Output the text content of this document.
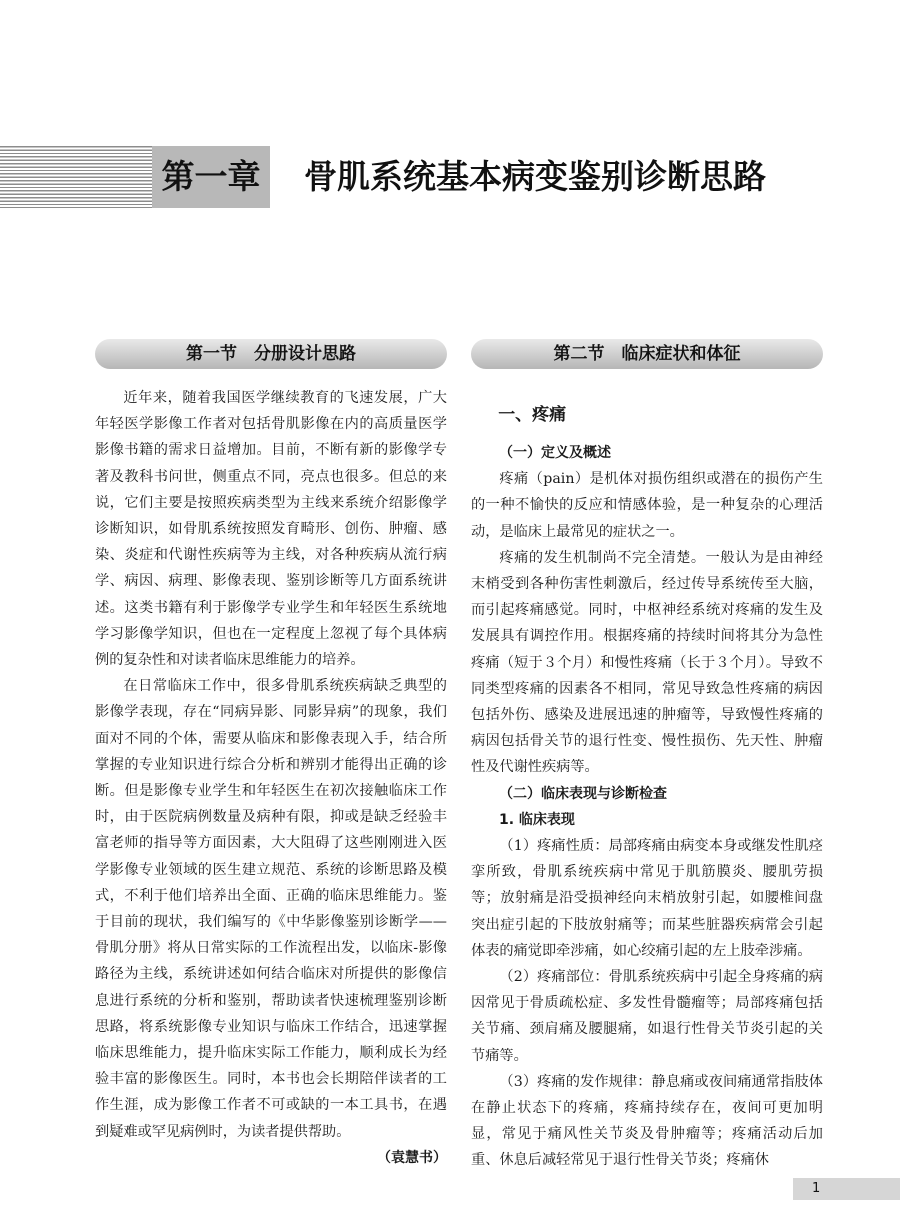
第一章 骨肌系统基本病变鉴别诊断思路
第一节　分册设计思路	第二节　临床症状和体征

近年来，随着我国医学继续教育的飞速发展，广大年轻医学影像工作者对包括骨肌影像在内的高质量医学影像书籍的需求日益增加。目前，不断有新的影像学专著及教科书问世，侧重点不同，亮点也很多。但总的来说，它们主要是按照疾病类型为主线来系统介绍影像学诊断知识，如骨肌系统按照发育畸形、创伤、肿瘤、感染、炎症和代谢性疾病等为主线，对各种疾病从流行病学、病因、病理、影像表现、鉴别诊断等几方面系统讲述。这类书籍有利于影像学专业学生和年轻医生系统地学习影像学知识，但也在一定程度上忽视了每个具体病例的复杂性和对读者临床思维能力的培养。

在日常临床工作中，很多骨肌系统疾病缺乏典型的影像学表现，存在“同病异影、同影异病”的现象，我们面对不同的个体，需要从临床和影像表现入手，结合所掌握的专业知识进行综合分析和辨别才能得出正确的诊断。但是影像专业学生和年轻医生在初次接触临床工作时，由于医院病例数量及病种有限，抑或是缺乏经验丰富老师的指导等方面因素，大大阻碍了这些刚刚进入医学影像专业领域的医生建立规范、系统的诊断思路及模式，不利于他们培养出全面、正确的临床思维能力。鉴于目前的现状，我们编写的《中华影像鉴别诊断学——骨肌分册》将从日常实际的工作流程出发，以临床-影像路径为主线，系统讲述如何结合临床对所提供的影像信息进行系统的分析和鉴别，帮助读者快速梳理鉴别诊断思路，将系统影像专业知识与临床工作结合，迅速掌握临床思维能力，提升临床实际工作能力，顺利成长为经验丰富的影像医生。同时，本书也会长期陪伴读者的工作生涯，成为影像工作者不可或缺的一本工具书，在遇到疑难或罕见病例时，为读者提供帮助。

（袁慧书）

一、疼痛
（一）定义及概述

疼痛（pain）是机体对损伤组织或潜在的损伤产生的一种不愉快的反应和情感体验，是一种复杂的心理活动，是临床上最常见的症状之一。

疼痛的发生机制尚不完全清楚。一般认为是由神经末梢受到各种伤害性刺激后，经过传导系统传至大脑，而引起疼痛感觉。同时，中枢神经系统对疼痛的发生及发展具有调控作用。根据疼痛的持续时间将其分为急性疼痛（短于３个月）和慢性疼痛（长于３个月）。导致不同类型疼痛的因素各不相同，常见导致急性疼痛的病因包括外伤、感染及进展迅速的肿瘤等，导致慢性疼痛的病因包括骨关节的退行性变、慢性损伤、先天性、肿瘤性及代谢性疾病等。

（二）临床表现与诊断检查
1. 临床表现

（1）疼痛性质：局部疼痛由病变本身或继发性肌痉挛所致，骨肌系统疾病中常见于肌筋膜炎、腰肌劳损等；放射痛是沿受损神经向末梢放射引起，如腰椎间盘突出症引起的下肢放射痛等；而某些脏器疾病常会引起体表的痛觉即牵涉痛，如心绞痛引起的左上肢牵涉痛。

（2）疼痛部位：骨肌系统疾病中引起全身疼痛的病因常见于骨质疏松症、多发性骨髓瘤等；局部疼痛包括关节痛、颈肩痛及腰腿痛，如退行性骨关节炎引起的关节痛等。

（3）疼痛的发作规律：静息痛或夜间痛通常指肢体在静止状态下的疼痛，疼痛持续存在，夜间可更加明显，常见于痛风性关节炎及骨肿瘤等；疼痛活动后加重、休息后减轻常见于退行性骨关节炎；疼痛休

1
